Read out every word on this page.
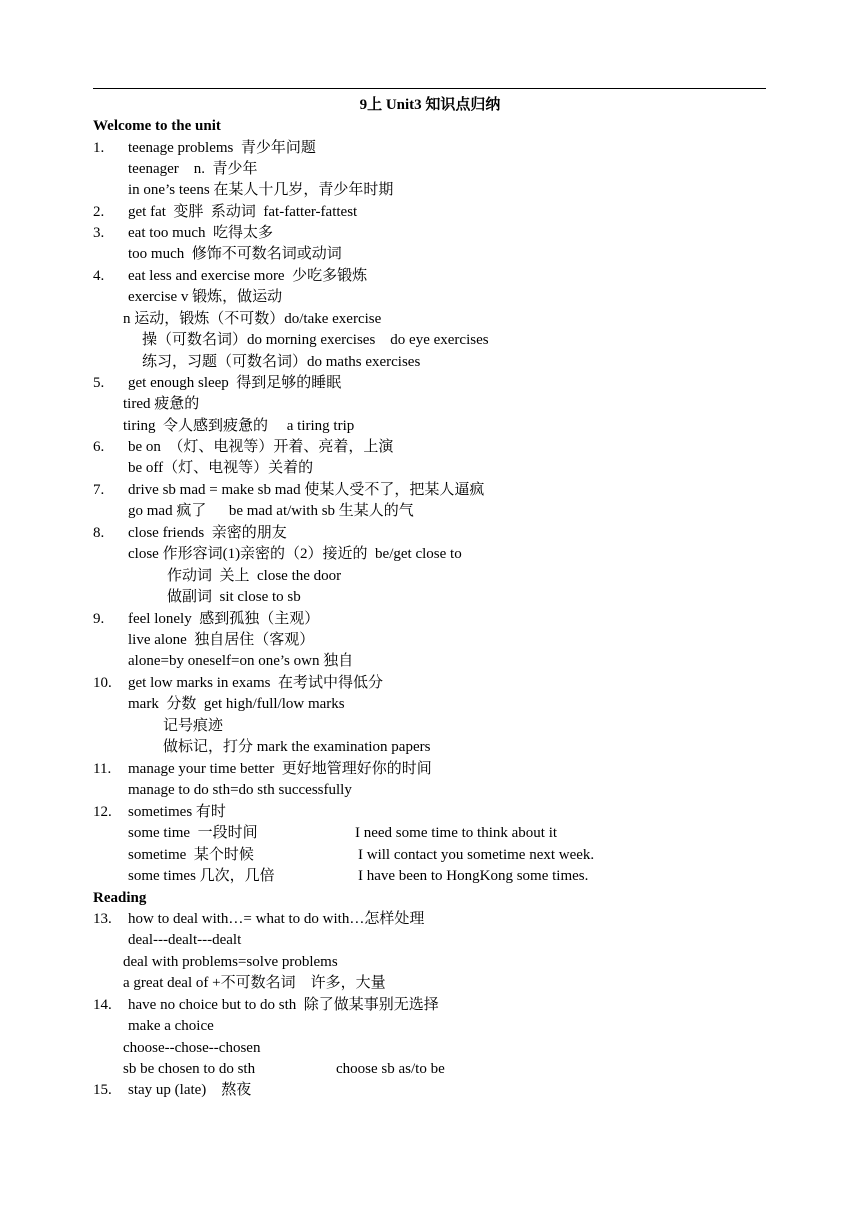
9上 Unit3 知识点归纳
Welcome to the unit
1. teenage problems  青少年问题
teenager    n.  青少年
in one’s teens 在某人十几岁，青少年时期
2. get fat  变胖  系动词  fat-fatter-fattest
3. eat too much  吃得太多
too much  修饰不可数名词或动词
4. eat less and exercise more  少吃多锻炼
exercise v 锻炼，做运动
n 运动，锻炼（不可数）do/take exercise
操（可数名词）do morning exercises    do eye exercises
练习，习题（可数名词）do maths exercises
5. get enough sleep  得到足够的睡眠
tired 疲惫的
tiring  令人感到疲惫的     a tiring trip
6. be on  （灯、电视等）开着、亮着，上演
be off（灯、电视等）关着的
7. drive sb mad = make sb mad 使某人受不了，把某人逼疯
go mad 疯了      be mad at/with sb 生某人的气
8. close friends  亲密的朋友
close 作形容词(1)亲密的（2）接近的  be/get close to
作动词  关上  close the door
做副词  sit close to sb
9. feel lonely  感到孤独（主观）
live alone  独自居住（客观）
alone=by oneself=on one’s own 独自
10. get low marks in exams  在考试中得低分
mark  分数  get high/full/low marks
记号痕迹
做标记，打分 mark the examination papers
11. manage your time better  更好地管理好你的时间
manage to do sth=do sth successfully
12. sometimes 有时
some time  一段时间	I need some time to think about it
sometime  某个时候	I will contact you sometime next week.
some times 几次，几倍	I have been to HongKong some times.
Reading
13. how to deal with…= what to do with…怎样处理
deal---dealt---dealt
deal with problems=solve problems
a great deal of +不可数名词    许多，大量
14. have no choice but to do sth  除了做某事别无选择
make a choice
choose--chose--chosen
sb be chosen to do sth	choose sb as/to be
15. stay up (late)    熬夜
